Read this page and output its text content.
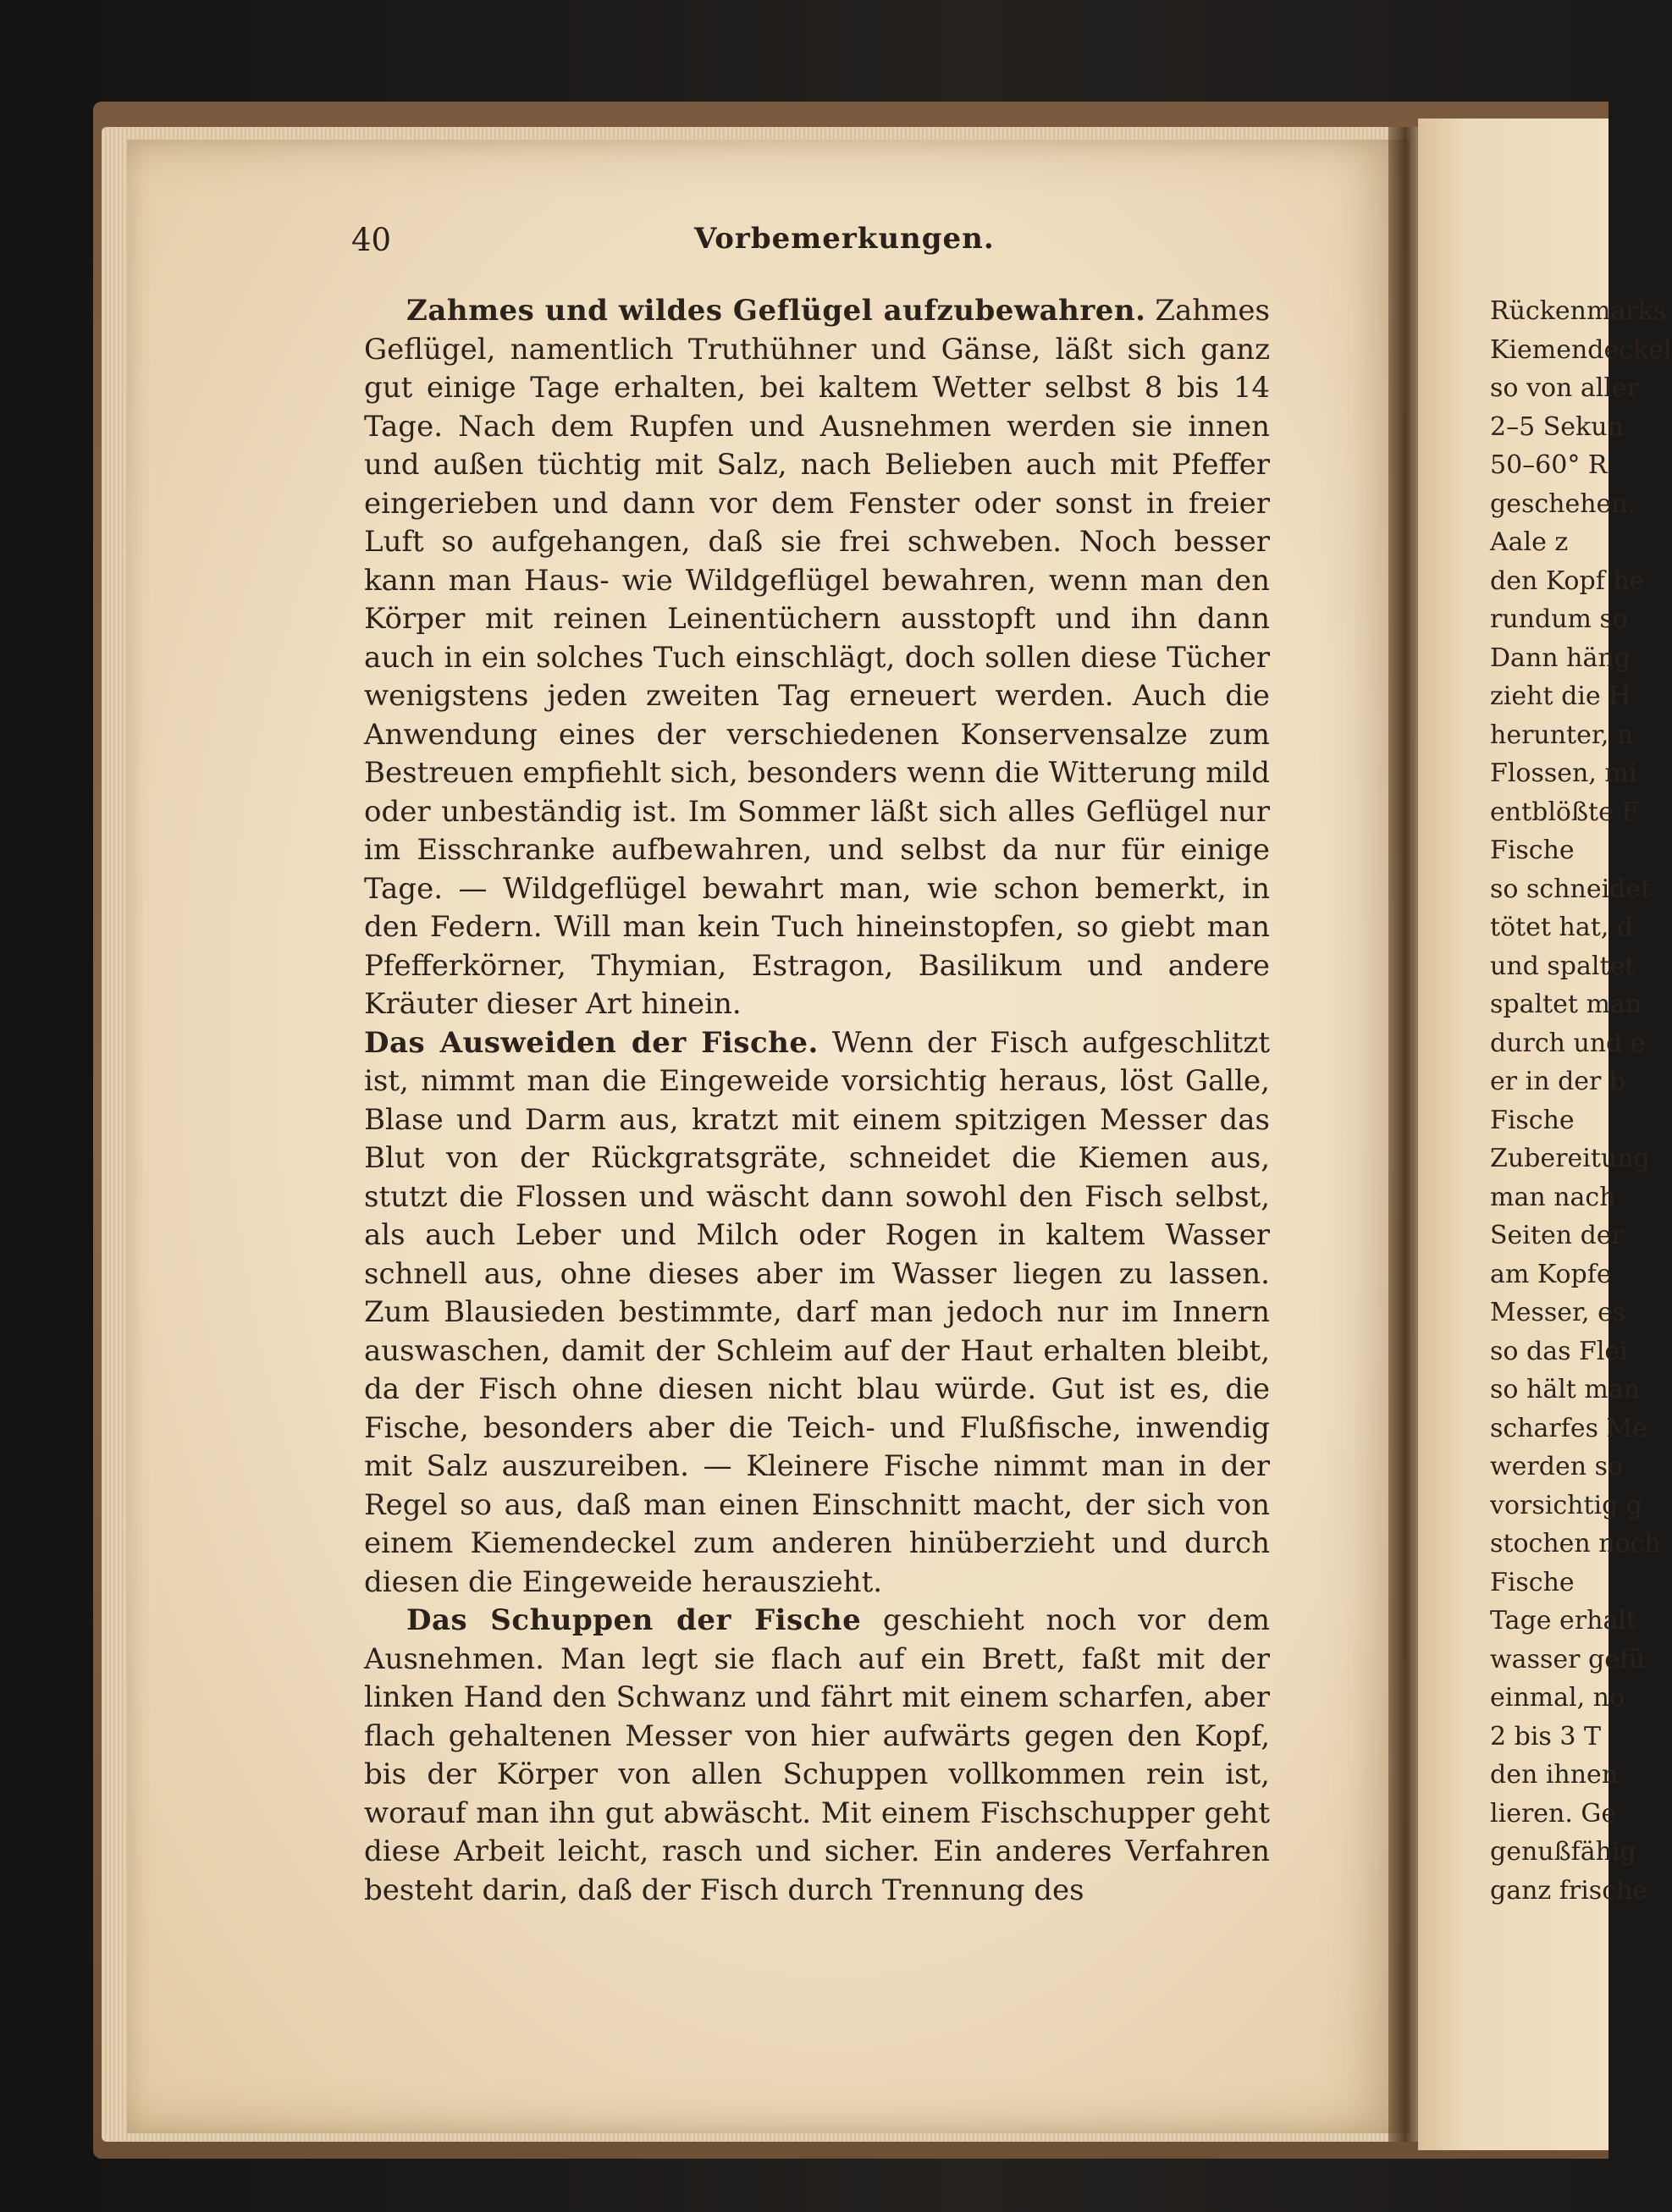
40	Vorbemerkungen.

Zahmes und wildes Geflügel aufzubewahren. Zahmes Geflügel, namentlich Truthühner und Gänse, läßt sich ganz gut einige Tage erhalten, bei kaltem Wetter selbst 8 bis 14 Tage. Nach dem Rupfen und Ausnehmen werden sie innen und außen tüchtig mit Salz, nach Belieben auch mit Pfeffer eingerieben und dann vor dem Fenster oder sonst in freier Luft so aufgehangen, daß sie frei schweben. Noch besser kann man Haus- wie Wildgeflügel bewahren, wenn man den Körper mit reinen Leinentüchern ausstopft und ihn dann auch in ein solches Tuch einschlägt, doch sollen diese Tücher wenigstens jeden zweiten Tag erneuert werden. Auch die Anwendung eines der verschiedenen Konservensalze zum Bestreuen empfiehlt sich, besonders wenn die Witterung mild oder unbeständig ist. Im Sommer läßt sich alles Geflügel nur im Eisschranke aufbewahren, und selbst da nur für einige Tage. — Wildgeflügel bewahrt man, wie schon bemerkt, in den Federn. Will man kein Tuch hineinstopfen, so giebt man Pfefferkörner, Thymian, Estragon, Basilikum und andere Kräuter dieser Art hinein.

Das Ausweiden der Fische. Wenn der Fisch aufgeschlitzt ist, nimmt man die Eingeweide vorsichtig heraus, löst Galle, Blase und Darm aus, kratzt mit einem spitzigen Messer das Blut von der Rückgratsgräte, schneidet die Kiemen aus, stutzt die Flossen und wäscht dann sowohl den Fisch selbst, als auch Leber und Milch oder Rogen in kaltem Wasser schnell aus, ohne dieses aber im Wasser liegen zu lassen. Zum Blausieden bestimmte, darf man jedoch nur im Innern auswaschen, damit der Schleim auf der Haut erhalten bleibt, da der Fisch ohne diesen nicht blau würde. Gut ist es, die Fische, besonders aber die Teich- und Flußfische, inwendig mit Salz auszureiben. — Kleinere Fische nimmt man in der Regel so aus, daß man einen Einschnitt macht, der sich von einem Kiemendeckel zum anderen hinüberzieht und durch diesen die Eingeweide herauszieht.

Das Schuppen der Fische geschieht noch vor dem Ausnehmen. Man legt sie flach auf ein Brett, faßt mit der linken Hand den Schwanz und fährt mit einem scharfen, aber flach gehaltenen Messer von hier aufwärts gegen den Kopf, bis der Körper von allen Schuppen vollkommen rein ist, worauf man ihn gut abwäscht. Mit einem Fischschupper geht diese Arbeit leicht, rasch und sicher. Ein anderes Verfahren besteht darin, daß der Fisch durch Trennung des

Rückenmarks
Kiemendeckel
so von aller
2–5 Sekun
50–60° R
geschehen.
Aale z
den Kopf he
rundum so
Dann häng
zieht die H
herunter, n
Flossen, mi
entblößte F
Fische
so schneidet
tötet hat, d
und spaltet
spaltet man
durch und e
er in der b
Fische
Zubereitung
man nach
Seiten der
am Kopfe
Messer, es
so das Flei
so hält man
scharfes Me
werden so
vorsichtig g
stochen noch
Fische
Tage erhalt
wasser gefü
einmal, no
2 bis 3 T
den ihnen
lieren. Ge
genußfähig
ganz frische
